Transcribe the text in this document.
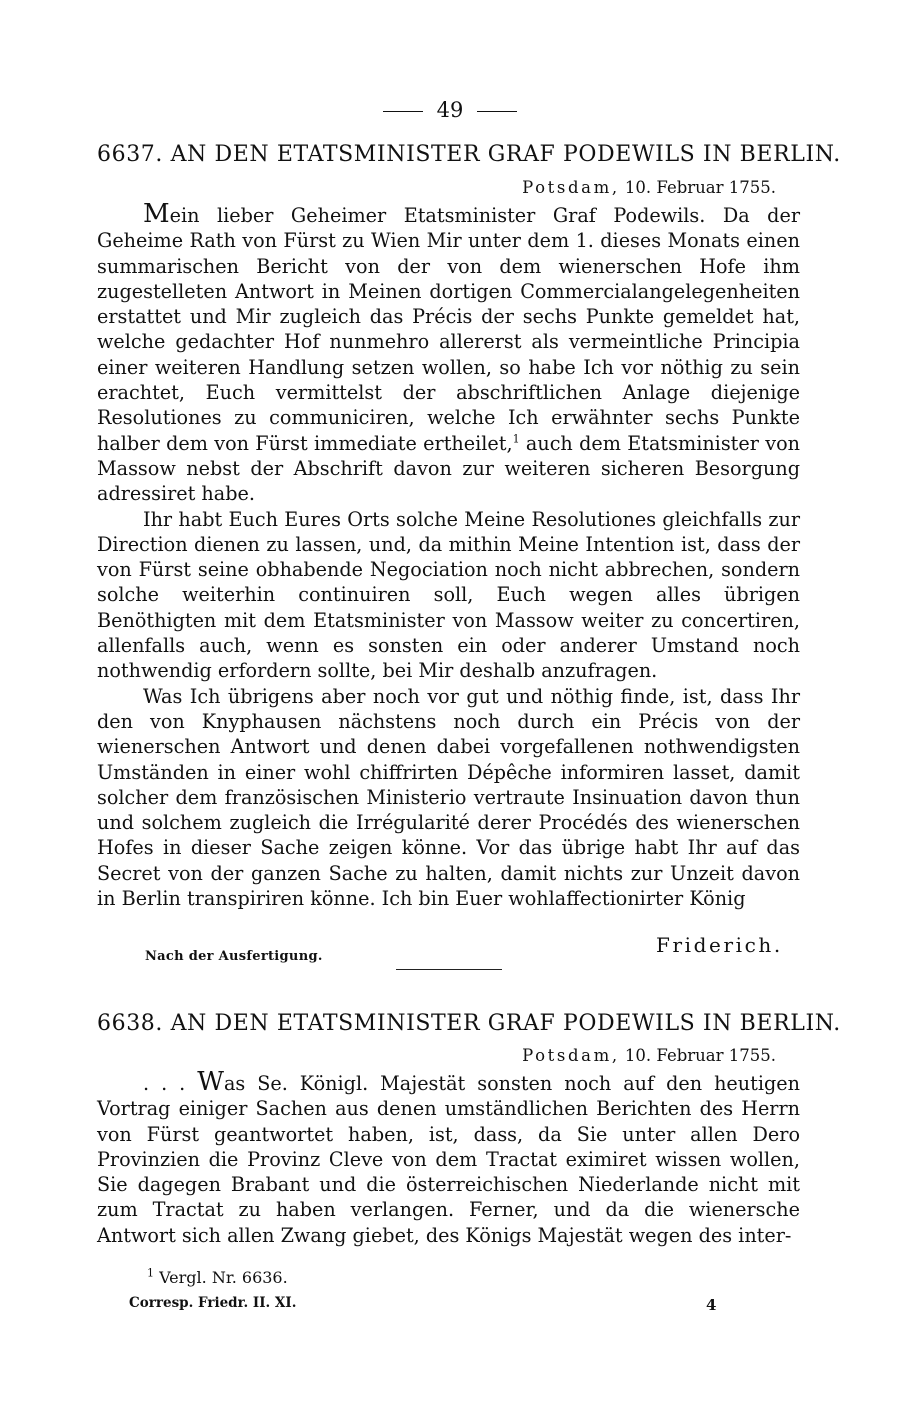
49
6637. AN DEN ETATSMINISTER GRAF PODEWILS IN BERLIN.
Potsdam, 10. Februar 1755.

Mein lieber Geheimer Etatsminister Graf Podewils. Da der Geheime Rath von Fürst zu Wien Mir unter dem 1. dieses Monats einen summarischen Bericht von der von dem wienerschen Hofe ihm zugestelleten Antwort in Meinen dortigen Commercialangelegenheiten erstattet und Mir zugleich das Précis der sechs Punkte gemeldet hat, welche gedachter Hof nunmehro allererst als vermeintliche Principia einer weiteren Handlung setzen wollen, so habe Ich vor nöthig zu sein erachtet, Euch vermittelst der abschriftlichen Anlage diejenige Resolutiones zu communiciren, welche Ich erwähnter sechs Punkte halber dem von Fürst immediate ertheilet,$^1$ auch dem Etatsminister von Massow nebst der Abschrift davon zur weiteren sicheren Besorgung adressiret habe.

Ihr habt Euch Eures Orts solche Meine Resolutiones gleichfalls zur Direction dienen zu lassen, und, da mithin Meine Intention ist, dass der von Fürst seine obhabende Negociation noch nicht abbrechen, sondern solche weiterhin continuiren soll, Euch wegen alles übrigen Benöthigten mit dem Etatsminister von Massow weiter zu concertiren, allenfalls auch, wenn es sonsten ein oder anderer Umstand noch nothwendig erfordern sollte, bei Mir deshalb anzufragen.

Was Ich übrigens aber noch vor gut und nöthig finde, ist, dass Ihr den von Knyphausen nächstens noch durch ein Précis von der wienerschen Antwort und denen dabei vorgefallenen nothwendigsten Umständen in einer wohl chiffrirten Dépêche informiren lasset, damit solcher dem französischen Ministerio vertraute Insinuation davon thun und solchem zugleich die Irrégularité derer Procédés des wienerschen Hofes in dieser Sache zeigen könne. Vor das übrige habt Ihr auf das Secret von der ganzen Sache zu halten, damit nichts zur Unzeit davon in Berlin transpiriren könne. Ich bin Euer wohlaffectionirter König

Friderich.
Nach der Ausfertigung.
6638. AN DEN ETATSMINISTER GRAF PODEWILS IN BERLIN.
Potsdam, 10. Februar 1755.

. . . Was Se. Königl. Majestät sonsten noch auf den heutigen Vortrag einiger Sachen aus denen umständlichen Berichten des Herrn von Fürst geantwortet haben, ist, dass, da Sie unter allen Dero Provinzien die Provinz Cleve von dem Tractat eximiret wissen wollen, Sie dagegen Brabant und die österreichischen Niederlande nicht mit zum Tractat zu haben verlangen. Ferner, und da die wienersche Antwort sich allen Zwang giebet, des Königs Majestät wegen des inter-

$^1$ Vergl. Nr. 6636.
Corresp. Friedr. II. XI.	4
